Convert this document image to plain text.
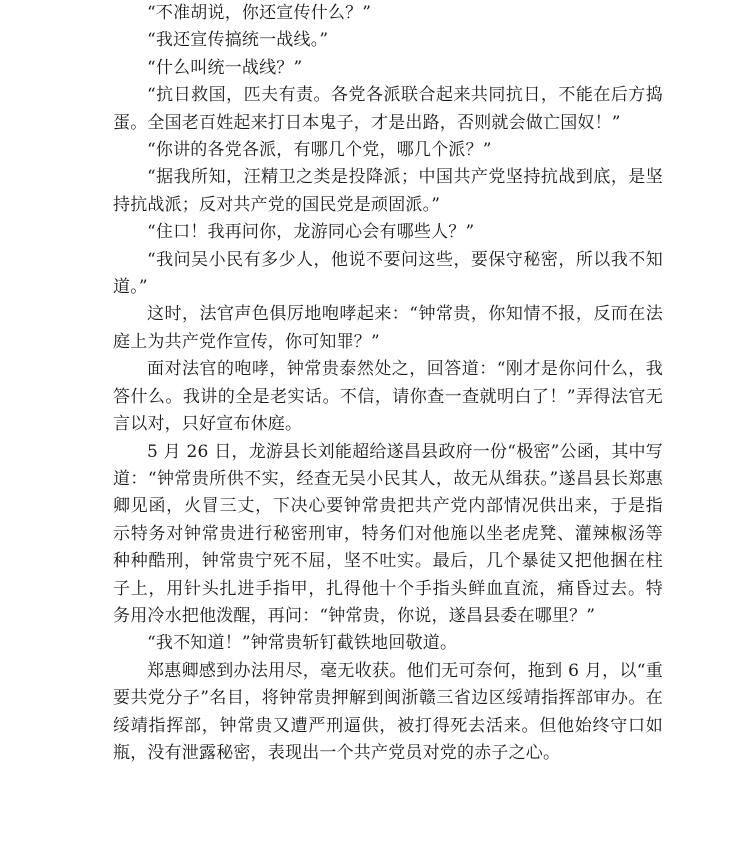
“不准胡说，你还宣传什么？”

“我还宣传搞统一战线。”

“什么叫统一战线？”

“抗日救国，匹夫有责。各党各派联合起来共同抗日，不能在后方捣蛋。全国老百姓起来打日本鬼子，才是出路，否则就会做亡国奴！”

“你讲的各党各派，有哪几个党，哪几个派？”

“据我所知，汪精卫之类是投降派；中国共产党坚持抗战到底，是坚持抗战派；反对共产党的国民党是顽固派。”

“住口！我再问你，龙游同心会有哪些人？”

“我问吴小民有多少人，他说不要问这些，要保守秘密，所以我不知道。”

这时，法官声色俱厉地咆哮起来：“钟常贵，你知情不报，反而在法庭上为共产党作宣传，你可知罪？”

面对法官的咆哮，钟常贵泰然处之，回答道：“刚才是你问什么，我答什么。我讲的全是老实话。不信，请你查一查就明白了！”弄得法官无言以对，只好宣布休庭。

5 月 26 日，龙游县长刘能超给遂昌县政府一份“极密”公函，其中写道：“钟常贵所供不实，经查无吴小民其人，故无从缉获。”遂昌县长郑惠卿见函，火冒三丈，下决心要钟常贵把共产党内部情况供出来，于是指示特务对钟常贵进行秘密刑审，特务们对他施以坐老虎凳、灌辣椒汤等种种酷刑，钟常贵宁死不屈，坚不吐实。最后，几个暴徒又把他捆在柱子上，用针头扎进手指甲，扎得他十个手指头鲜血直流，痛昏过去。特务用冷水把他泼醒，再问：“钟常贵，你说，遂昌县委在哪里？”

“我不知道！”钟常贵斩钉截铁地回敬道。

郑惠卿感到办法用尽，毫无收获。他们无可奈何，拖到 6 月，以“重要共党分子”名目，将钟常贵押解到闽浙赣三省边区绥靖指挥部审办。在绥靖指挥部，钟常贵又遭严刑逼供，被打得死去活来。但他始终守口如瓶，没有泄露秘密，表现出一个共产党员对党的赤子之心。
